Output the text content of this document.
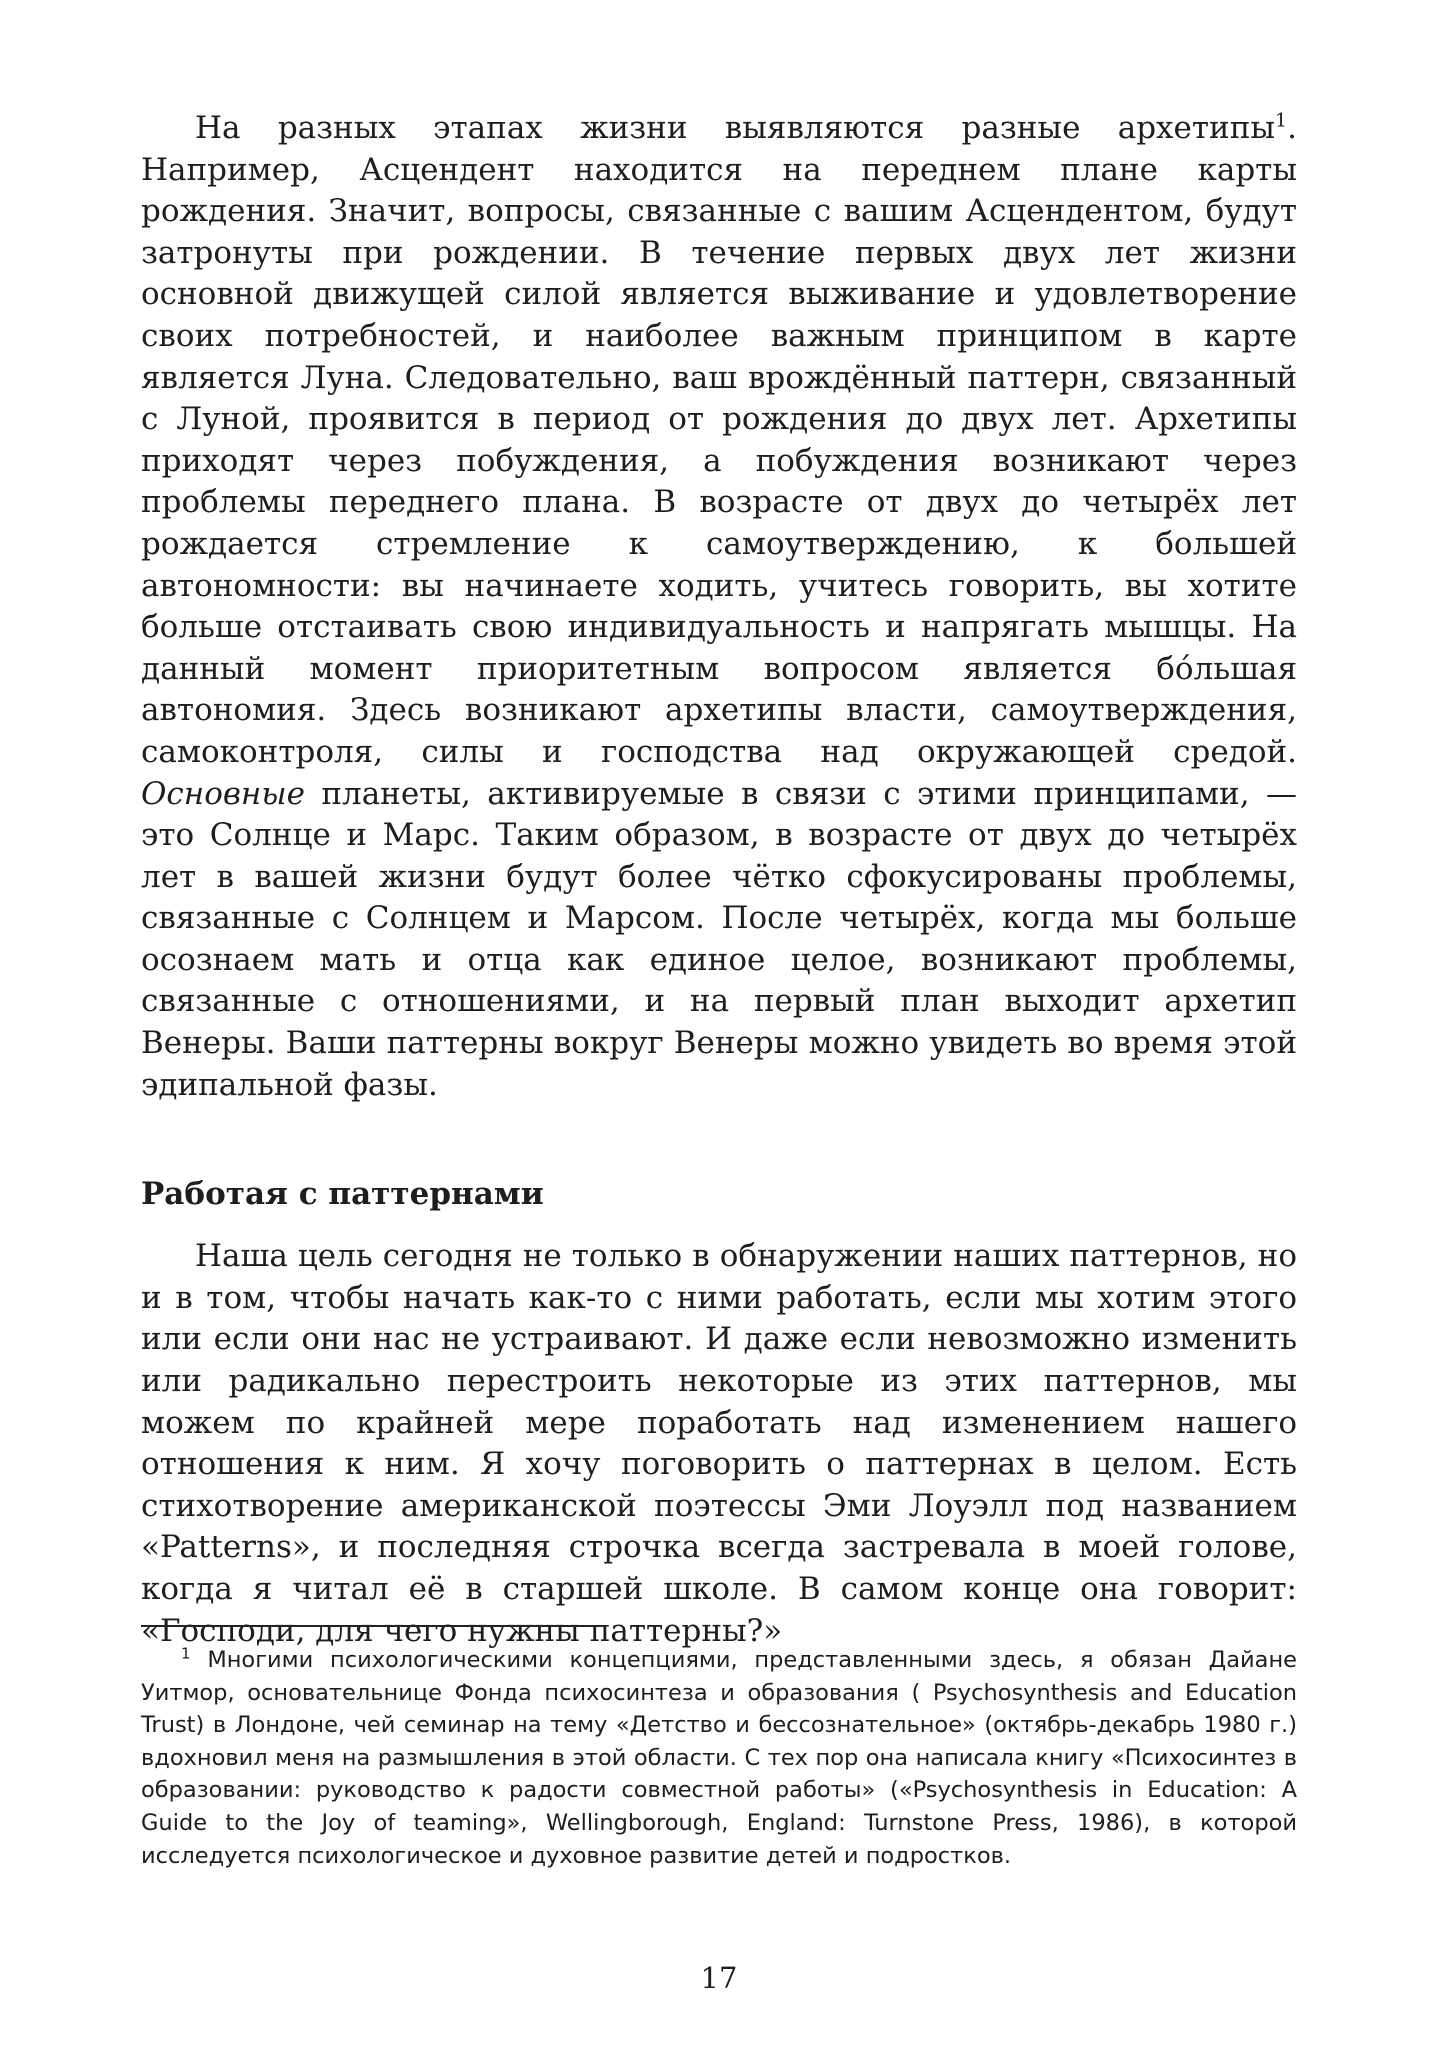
На разных этапах жизни выявляются разные архетипы$^1$. Например, Асцендент находится на переднем плане карты рождения. Значит, вопросы, связанные с вашим Асцендентом, будут затронуты при рождении. В течение первых двух лет жизни основной движущей силой является выживание и удовлетворение своих потребностей, и наиболее важным принципом в карте является Луна. Следовательно, ваш врождённый паттерн, связанный с Луной, проявится в период от рождения до двух лет. Архетипы приходят через побуждения, а побуждения возникают через проблемы переднего плана. В возрасте от двух до четырёх лет рождается стремление к самоутверждению, к большей автономности: вы начинаете ходить, учитесь говорить, вы хотите больше отстаивать свою индивидуальность и напрягать мышцы. На данный момент приоритетным вопросом является бóльшая автономия. Здесь возникают архетипы власти, самоутверждения, самоконтроля, силы и господства над окружающей средой. Основные планеты, активируемые в связи с этими принципами, — это Солнце и Марс. Таким образом, в возрасте от двух до четырёх лет в вашей жизни будут более чётко сфокусированы проблемы, связанные с Солнцем и Марсом. После четырёх, когда мы больше осознаем мать и отца как единое целое, возникают проблемы, связанные с отношениями, и на первый план выходит архетип Венеры. Ваши паттерны вокруг Венеры можно увидеть во время этой эдипальной фазы.

Работая с паттернами

Наша цель сегодня не только в обнаружении наших паттернов, но и в том, чтобы начать как-то с ними работать, если мы хотим этого или если они нас не устраивают. И даже если невозможно изменить или радикально перестроить некоторые из этих паттернов, мы можем по крайней мере поработать над изменением нашего отношения к ним. Я хочу поговорить о паттернах в целом. Есть стихотворение американской поэтессы Эми Лоуэлл под названием «Patterns», и последняя строчка всегда застревала в моей голове, когда я читал её в старшей школе. В самом конце она говорит: «Господи, для чего нужны паттерны?»

$^1$ Многими психологическими концепциями, представленными здесь, я обязан Дайане Уитмор, основательнице Фонда психосинтеза и образования ( Psychosynthesis and Education Trust) в Лондоне, чей семинар на тему «Детство и бессознательное» (октябрь-декабрь 1980 г.) вдохновил меня на размышления в этой области. С тех пор она написала книгу «Психосинтез в образовании: руководство к радости совместной работы» («Psychosynthesis in Education: A Guide to the Joy of teaming», Wellingborough, England: Turnstone Press, 1986), в которой исследуется психологическое и духовное развитие детей и подростков.

17
